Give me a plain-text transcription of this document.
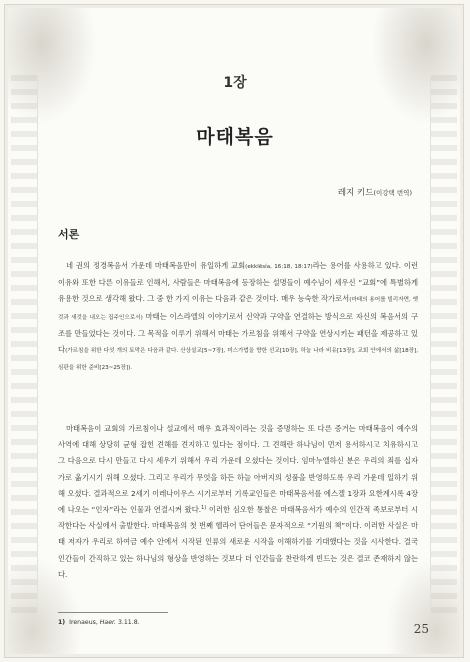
1장
마태복음
레지 키드(이강택 번역)
서론

네 권의 정경복음서 가운데 마태복음만이 유일하게 교회(ekklēsía, 16:18, 18:17)라는 용어를 사용하고 있다. 이런 이유와 또한 다른 이유들로 인해서, 사람들은 마태복음에 등장하는 설명들이 예수님이 세우신 “교회”에 특별하게 유용한 것으로 생각해 왔다. 그 중 한 가지 이유는 다음과 같은 것이다. 매우 능숙한 작가로서(마태의 용어를 빌리자면, 옛것과 새것을 내오는 집주인으로서) 마태는 이스라엘의 이야기로서 신약과 구약을 연결하는 방식으로 자신의 복음서의 구조를 만들었다는 것이다. 그 목적을 이루기 위해서 마태는 가르침을 위해서 구약을 연상시키는 패턴을 제공하고 있다(가르침을 위한 다섯 개의 토막은 다음과 같다. 산상설교[5~7장], 미스가법을 향한 선교[10장], 하늘 나라 비유[13장], 교회 안에서의 삶[18장], 심판을 위한 준비[23~25장]).

마태복음이 교회의 가르침이나 설교에서 매우 효과적이라는 것을 증명하는 또 다른 증거는 마태복음이 예수의 사역에 대해 상당히 균형 잡힌 견해를 견지하고 있다는 점이다. 그 견해란 하나님이 먼저 용서하시고 치유하시고 그 다음으로 다시 만들고 다시 세우기 위해서 우리 가운데 오셨다는 것이다. 임마누엘하신 분은 우리의 죄를 십자가로 옮기시기 위해 오셨다. 그리고 우리가 무엇을 하든 하늘 아버지의 성품을 반영하도록 우리 가운데 일하기 위해 오셨다. 결과적으로 2세기 이레나이우스 시기로부터 기록교인들은 마태복음서를 에스겔 1장과 요한계시록 4장에 나오는 “인자”라는 인물과 연결시켜 왔다.$^{1)}$ 이러한 심오한 통찰은 마태복음서가 예수의 인간적 족보로부터 시작한다는 사실에서 출발한다. 마태복음의 첫 번째 헬라어 단어들은 문자적으로 “기원의 책”이다. 이러한 사실은 마태 저자가 우리로 하여금 예수 안에서 시작된 인류의 새로운 시작을 이해하기를 기대했다는 것을 시사한다. 결국 인간들이 간직하고 있는 하나님의 형상을 반영하는 것보다 더 인간들을 찬란하게 빈드는 것은 결코 존재하지 않는다.

1) Irenaeus, Haer. 3.11.8.	25
